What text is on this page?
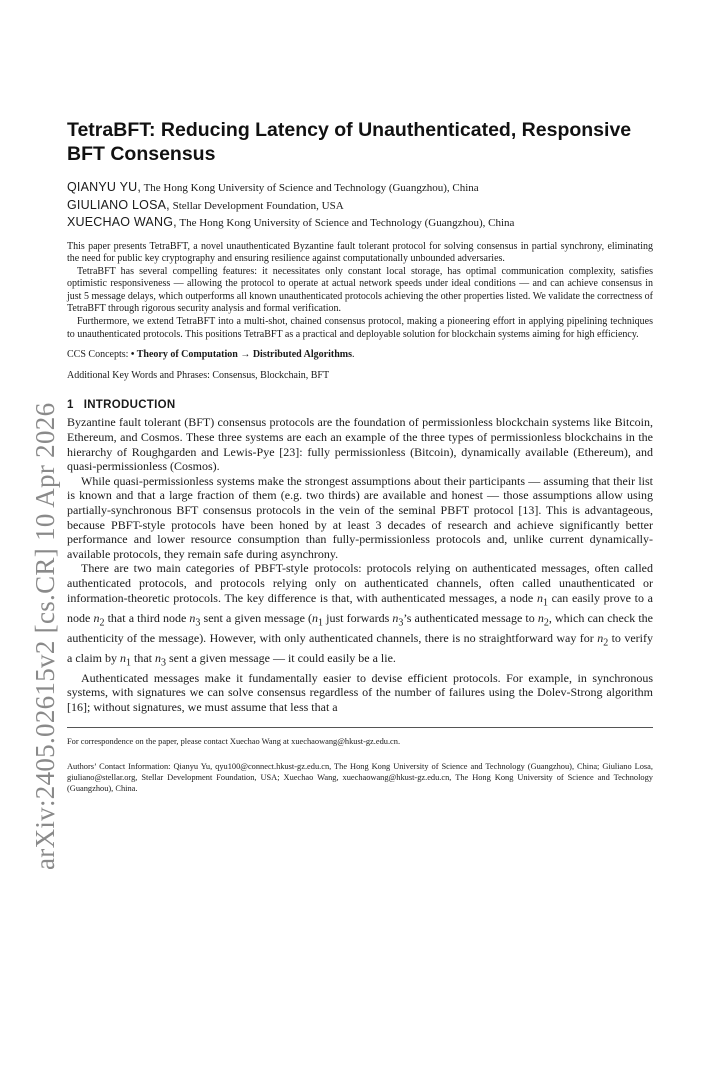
arXiv:2405.02615v2 [cs.CR] 10 Apr 2026
TetraBFT: Reducing Latency of Unauthenticated, Responsive BFT Consensus
QIANYU YU, The Hong Kong University of Science and Technology (Guangzhou), China
GIULIANO LOSA, Stellar Development Foundation, USA
XUECHAO WANG, The Hong Kong University of Science and Technology (Guangzhou), China

This paper presents TetraBFT, a novel unauthenticated Byzantine fault tolerant protocol for solving consensus in partial synchrony, eliminating the need for public key cryptography and ensuring resilience against computationally unbounded adversaries.

TetraBFT has several compelling features: it necessitates only constant local storage, has optimal communication complexity, satisfies optimistic responsiveness — allowing the protocol to operate at actual network speeds under ideal conditions — and can achieve consensus in just 5 message delays, which outperforms all known unauthenticated protocols achieving the other properties listed. We validate the correctness of TetraBFT through rigorous security analysis and formal verification.

Furthermore, we extend TetraBFT into a multi-shot, chained consensus protocol, making a pioneering effort in applying pipelining techniques to unauthenticated protocols. This positions TetraBFT as a practical and deployable solution for blockchain systems aiming for high efficiency.

CCS Concepts: • Theory of Computation → Distributed Algorithms.
Additional Key Words and Phrases: Consensus, Blockchain, BFT
1 INTRODUCTION

Byzantine fault tolerant (BFT) consensus protocols are the foundation of permissionless blockchain systems like Bitcoin, Ethereum, and Cosmos. These three systems are each an example of the three types of permissionless blockchains in the hierarchy of Roughgarden and Lewis-Pye [23]: fully permissionless (Bitcoin), dynamically available (Ethereum), and quasi-permissionless (Cosmos).

While quasi-permissionless systems make the strongest assumptions about their participants — assuming that their list is known and that a large fraction of them (e.g. two thirds) are available and honest — those assumptions allow using partially-synchronous BFT consensus protocols in the vein of the seminal PBFT protocol [13]. This is advantageous, because PBFT-style protocols have been honed by at least 3 decades of research and achieve significantly better performance and lower resource consumption than fully-permissionless protocols and, unlike current dynamically-available protocols, they remain safe during asynchrony.

There are two main categories of PBFT-style protocols: protocols relying on authenticated messages, often called authenticated protocols, and protocols relying only on authenticated channels, often called unauthenticated or information-theoretic protocols. The key difference is that, with authenticated messages, a node $n_1$ can easily prove to a node $n_2$ that a third node $n_3$ sent a given message ($n_1$ just forwards $n_3’s$ authenticated message to $n_2$, which can check the authenticity of the message). However, with only authenticated channels, there is no straightforward way for $n_2$ to verify a claim by $n_1$ that $n_3$ sent a given message — it could easily be a lie.

Authenticated messages make it fundamentally easier to devise efficient protocols. For example, in synchronous systems, with signatures we can solve consensus regardless of the number of failures using the Dolev-Strong algorithm [16]; without signatures, we must assume that less that a

For correspondence on the paper, please contact Xuechao Wang at xuechaowang@hkust-gz.edu.cn.
Authors’ Contact Information: Qianyu Yu, qyu100@connect.hkust-gz.edu.cn, The Hong Kong University of Science and Technology (Guangzhou), China; Giuliano Losa, giuliano@stellar.org, Stellar Development Foundation, USA; Xuechao Wang, xuechaowang@hkust-gz.edu.cn, The Hong Kong University of Science and Technology (Guangzhou), China.
